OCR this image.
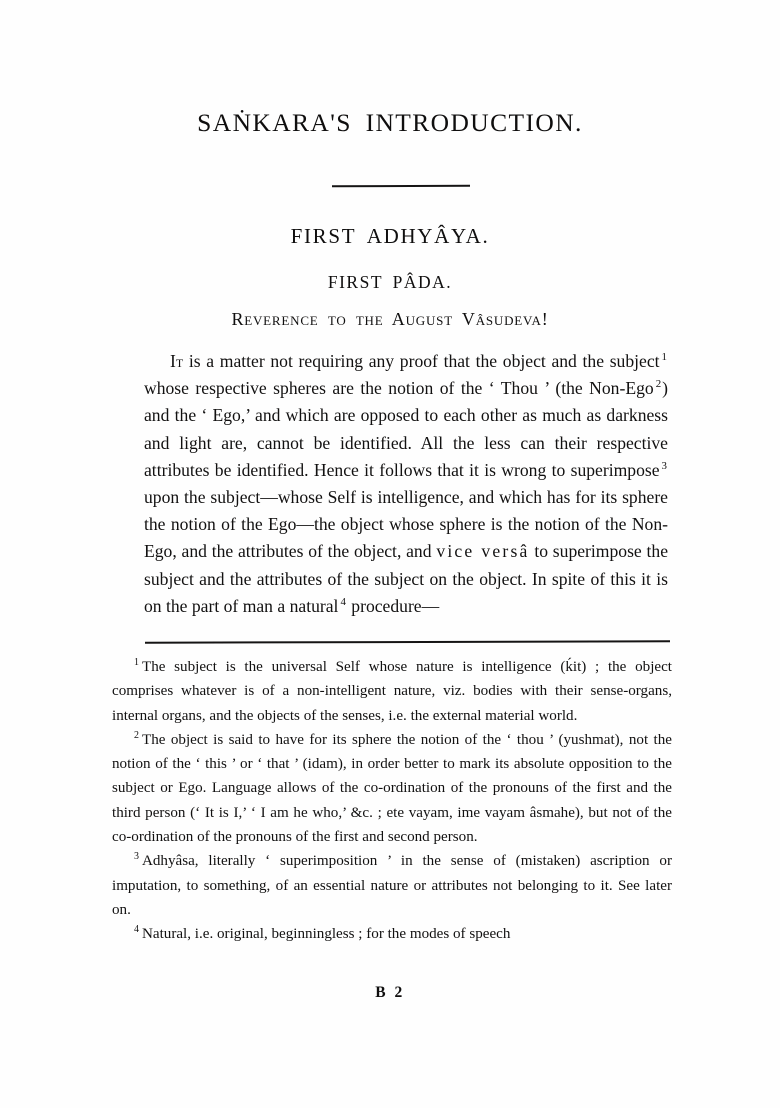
SAṄKARA'S INTRODUCTION.
FIRST ADHYÂYA.
FIRST PÂDA.
Reverence to the August Vâsudeva!

It is a matter not requiring any proof that the object and the subject $^1$ whose respective spheres are the notion of the ‘ Thou ’ (the Non-Ego $^2$) and the ‘ Ego,’ and which are opposed to each other as much as darkness and light are, cannot be identified. All the less can their respective attributes be identified. Hence it follows that it is wrong to superimpose $^3$ upon the subject—whose Self is intelligence, and which has for its sphere the notion of the Ego—the object whose sphere is the notion of the Non-Ego, and the attributes of the object, and vice versâ to superimpose the subject and the attributes of the subject on the object. In spite of this it is on the part of man a natural $^4$ procedure—

$^1$ The subject is the universal Self whose nature is intelligence (ḱit) ; the object comprises whatever is of a non-intelligent nature, viz. bodies with their sense-organs, internal organs, and the objects of the senses, i.e. the external material world.

$^2$ The object is said to have for its sphere the notion of the ‘ thou ’ (yushmat), not the notion of the ‘ this ’ or ‘ that ’ (idam), in order better to mark its absolute opposition to the subject or Ego. Language allows of the co-ordination of the pronouns of the first and the third person (‘ It is I,’ ‘ I am he who,’ &c. ; ete vayam, ime vayam âsmahe), but not of the co-ordination of the pronouns of the first and second person.

$^3$ Adhyâsa, literally ‘ superimposition ’ in the sense of (mistaken) ascription or imputation, to something, of an essential nature or attributes not belonging to it. See later on.

$^4$ Natural, i.e. original, beginningless ; for the modes of speech

B 2
